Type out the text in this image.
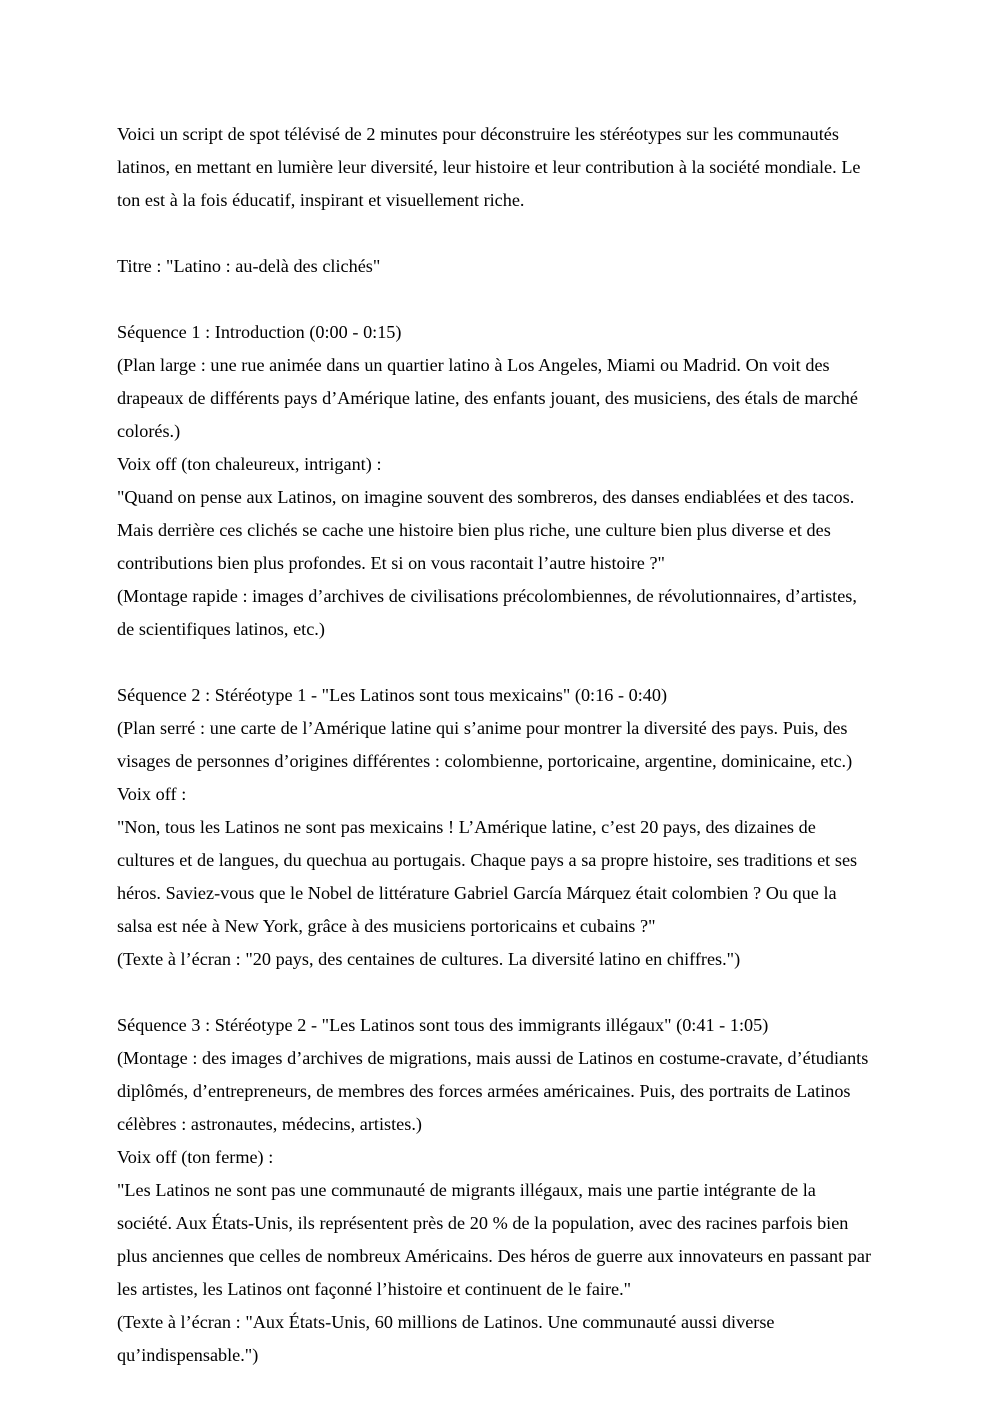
Voici un script de spot télévisé de 2 minutes pour déconstruire les stéréotypes sur les communautés latinos, en mettant en lumière leur diversité, leur histoire et leur contribution à la société mondiale. Le ton est à la fois éducatif, inspirant et visuellement riche.
Titre : "Latino : au-delà des clichés"
Séquence 1 : Introduction (0:00 - 0:15)
(Plan large : une rue animée dans un quartier latino à Los Angeles, Miami ou Madrid. On voit des drapeaux de différents pays d’Amérique latine, des enfants jouant, des musiciens, des étals de marché colorés.)
Voix off (ton chaleureux, intrigant) :
"Quand on pense aux Latinos, on imagine souvent des sombreros, des danses endiablées et des tacos. Mais derrière ces clichés se cache une histoire bien plus riche, une culture bien plus diverse et des contributions bien plus profondes. Et si on vous racontait l’autre histoire ?"
(Montage rapide : images d’archives de civilisations précolombiennes, de révolutionnaires, d’artistes, de scientifiques latinos, etc.)
Séquence 2 : Stéréotype 1 - "Les Latinos sont tous mexicains" (0:16 - 0:40)
(Plan serré : une carte de l’Amérique latine qui s’anime pour montrer la diversité des pays. Puis, des visages de personnes d’origines différentes : colombienne, portoricaine, argentine, dominicaine, etc.)
Voix off :
"Non, tous les Latinos ne sont pas mexicains ! L’Amérique latine, c’est 20 pays, des dizaines de cultures et de langues, du quechua au portugais. Chaque pays a sa propre histoire, ses traditions et ses héros. Saviez-vous que le Nobel de littérature Gabriel García Márquez était colombien ? Ou que la salsa est née à New York, grâce à des musiciens portoricains et cubains ?"
(Texte à l’écran : "20 pays, des centaines de cultures. La diversité latino en chiffres.")
Séquence 3 : Stéréotype 2 - "Les Latinos sont tous des immigrants illégaux" (0:41 - 1:05)
(Montage : des images d’archives de migrations, mais aussi de Latinos en costume-cravate, d’étudiants diplômés, d’entrepreneurs, de membres des forces armées américaines. Puis, des portraits de Latinos célèbres : astronautes, médecins, artistes.)
Voix off (ton ferme) :
"Les Latinos ne sont pas une communauté de migrants illégaux, mais une partie intégrante de la société. Aux États-Unis, ils représentent près de 20 % de la population, avec des racines parfois bien plus anciennes que celles de nombreux Américains. Des héros de guerre aux innovateurs en passant par les artistes, les Latinos ont façonné l’histoire et continuent de le faire."
(Texte à l’écran : "Aux États-Unis, 60 millions de Latinos. Une communauté aussi diverse qu’indispensable.")
